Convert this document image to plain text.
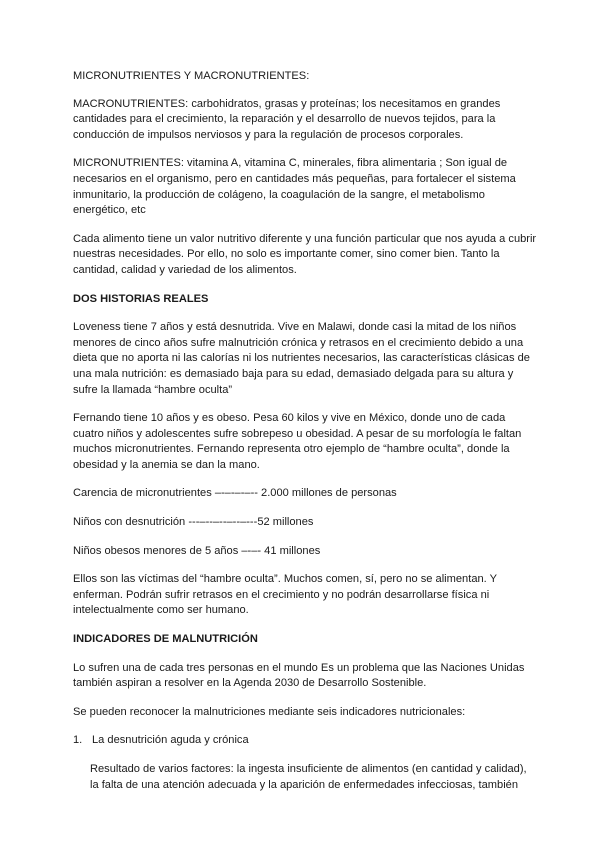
MICRONUTRIENTES Y MACRONUTRIENTES:

MACRONUTRIENTES: carbohidratos, grasas y proteínas; los necesitamos en grandes cantidades para el crecimiento, la reparación y el desarrollo de nuevos tejidos, para la conducción de impulsos nerviosos y para la regulación de procesos corporales.

MICRONUTRIENTES: vitamina A, vitamina C, minerales, fibra alimentaria ; Son igual de necesarios en el organismo, pero en cantidades más pequeñas, para fortalecer el sistema inmunitario, la producción de colágeno, la coagulación de la sangre, el metabolismo energético, etc

Cada alimento tiene un valor nutritivo diferente y una función particular que nos ayuda a cubrir nuestras necesidades. Por ello, no solo es importante comer, sino comer bien. Tanto la cantidad, calidad y variedad de los alimentos.

DOS HISTORIAS REALES

Loveness tiene 7 años y está desnutrida. Vive en Malawi, donde casi la mitad de los niños menores de cinco años sufre malnutrición crónica y retrasos en el crecimiento debido a una dieta que no aporta ni las calorías ni los nutrientes necesarios, las características clásicas de una mala nutrición: es demasiado baja para su edad, demasiado delgada para su altura y sufre la llamada “hambre oculta”

Fernando tiene 10 años y es obeso. Pesa 60 kilos y vive en México, donde uno de cada cuatro niños y adolescentes sufre sobrepeso u obesidad. A pesar de su morfología le faltan muchos micronutrientes. Fernando representa otro ejemplo de “hambre oculta”, donde la obesidad y la anemia se dan la mano.

Carencia de micronutrientes –-–-–-–-- 2.000 millones de personas

Niños con desnutrición ---–--–--–--–---52 millones

Niños obesos menores de 5 años –-–- 41 millones

Ellos son las víctimas del “hambre oculta”. Muchos comen, sí, pero no se alimentan. Y enferman. Podrán sufrir retrasos en el crecimiento y no podrán desarrollarse física ni intelectualmente como ser humano.

INDICADORES DE MALNUTRICIÓN

Lo sufren una de cada tres personas en el mundo Es un problema que las Naciones Unidas también aspiran a resolver en la Agenda 2030 de Desarrollo Sostenible.

Se pueden reconocer la malnutriciones mediante seis indicadores nutricionales:

1. La desnutrición aguda y crónica

Resultado de varios factores: la ingesta insuficiente de alimentos (en cantidad y calidad), la falta de una atención adecuada y la aparición de enfermedades infecciosas, también
